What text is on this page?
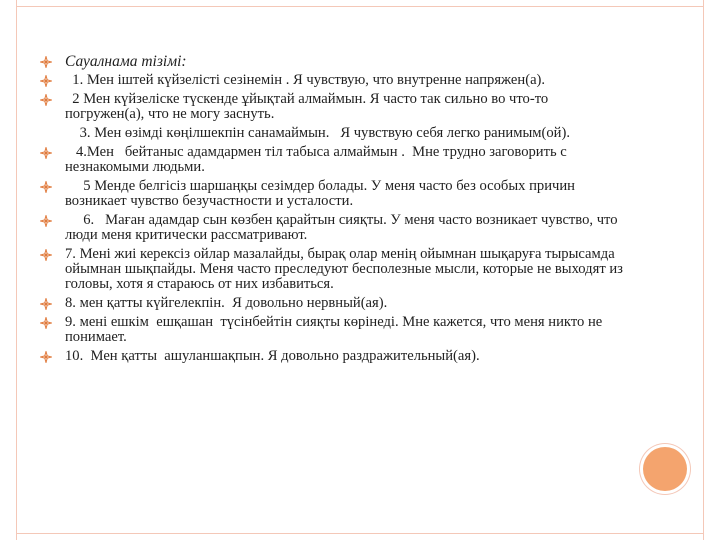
Сауалнама тізімі:
1. Мен іштей күйзелісті сезінемін . Я чувствую, что внутренне напряжен(а).
2 Мен күйзеліске түскенде ұйықтай алмаймын. Я часто так сильно во что-то погружен(а), что не могу заснуть.
3. Мен өзімді көңілшекпін санамаймын.   Я чувствую себя легко ранимым(ой).
4.Мен   бейтаныс адамдармен тіл табыса алмаймын .  Мне трудно заговорить с незнакомыми людьми.
5 Менде белгісіз шаршаңқы сезімдер болады. У меня часто без особых причин возникает чувство безучастности и усталости.
6.   Маған адамдар сын көзбен қарайтын сияқты. У меня часто возникает чувство, что люди меня критически рассматривают.
7. Мені жиі керексіз ойлар мазалайды, бырақ олар менің ойымнан шықаруға тырысамда ойымнан шықпайды. Меня часто преследуют бесполезные мысли, которые не выходят из головы, хотя я стараюсь от них избавиться.
8. мен қатты күйгелекпін.  Я довольно нервный(ая).
9. мені ешкім  ешқашан  түсінбейтін сияқты көрінеді. Мне кажется, что меня никто не понимает.
10.  Мен қатты  ашуланшақпын. Я довольно раздражительный(ая).
